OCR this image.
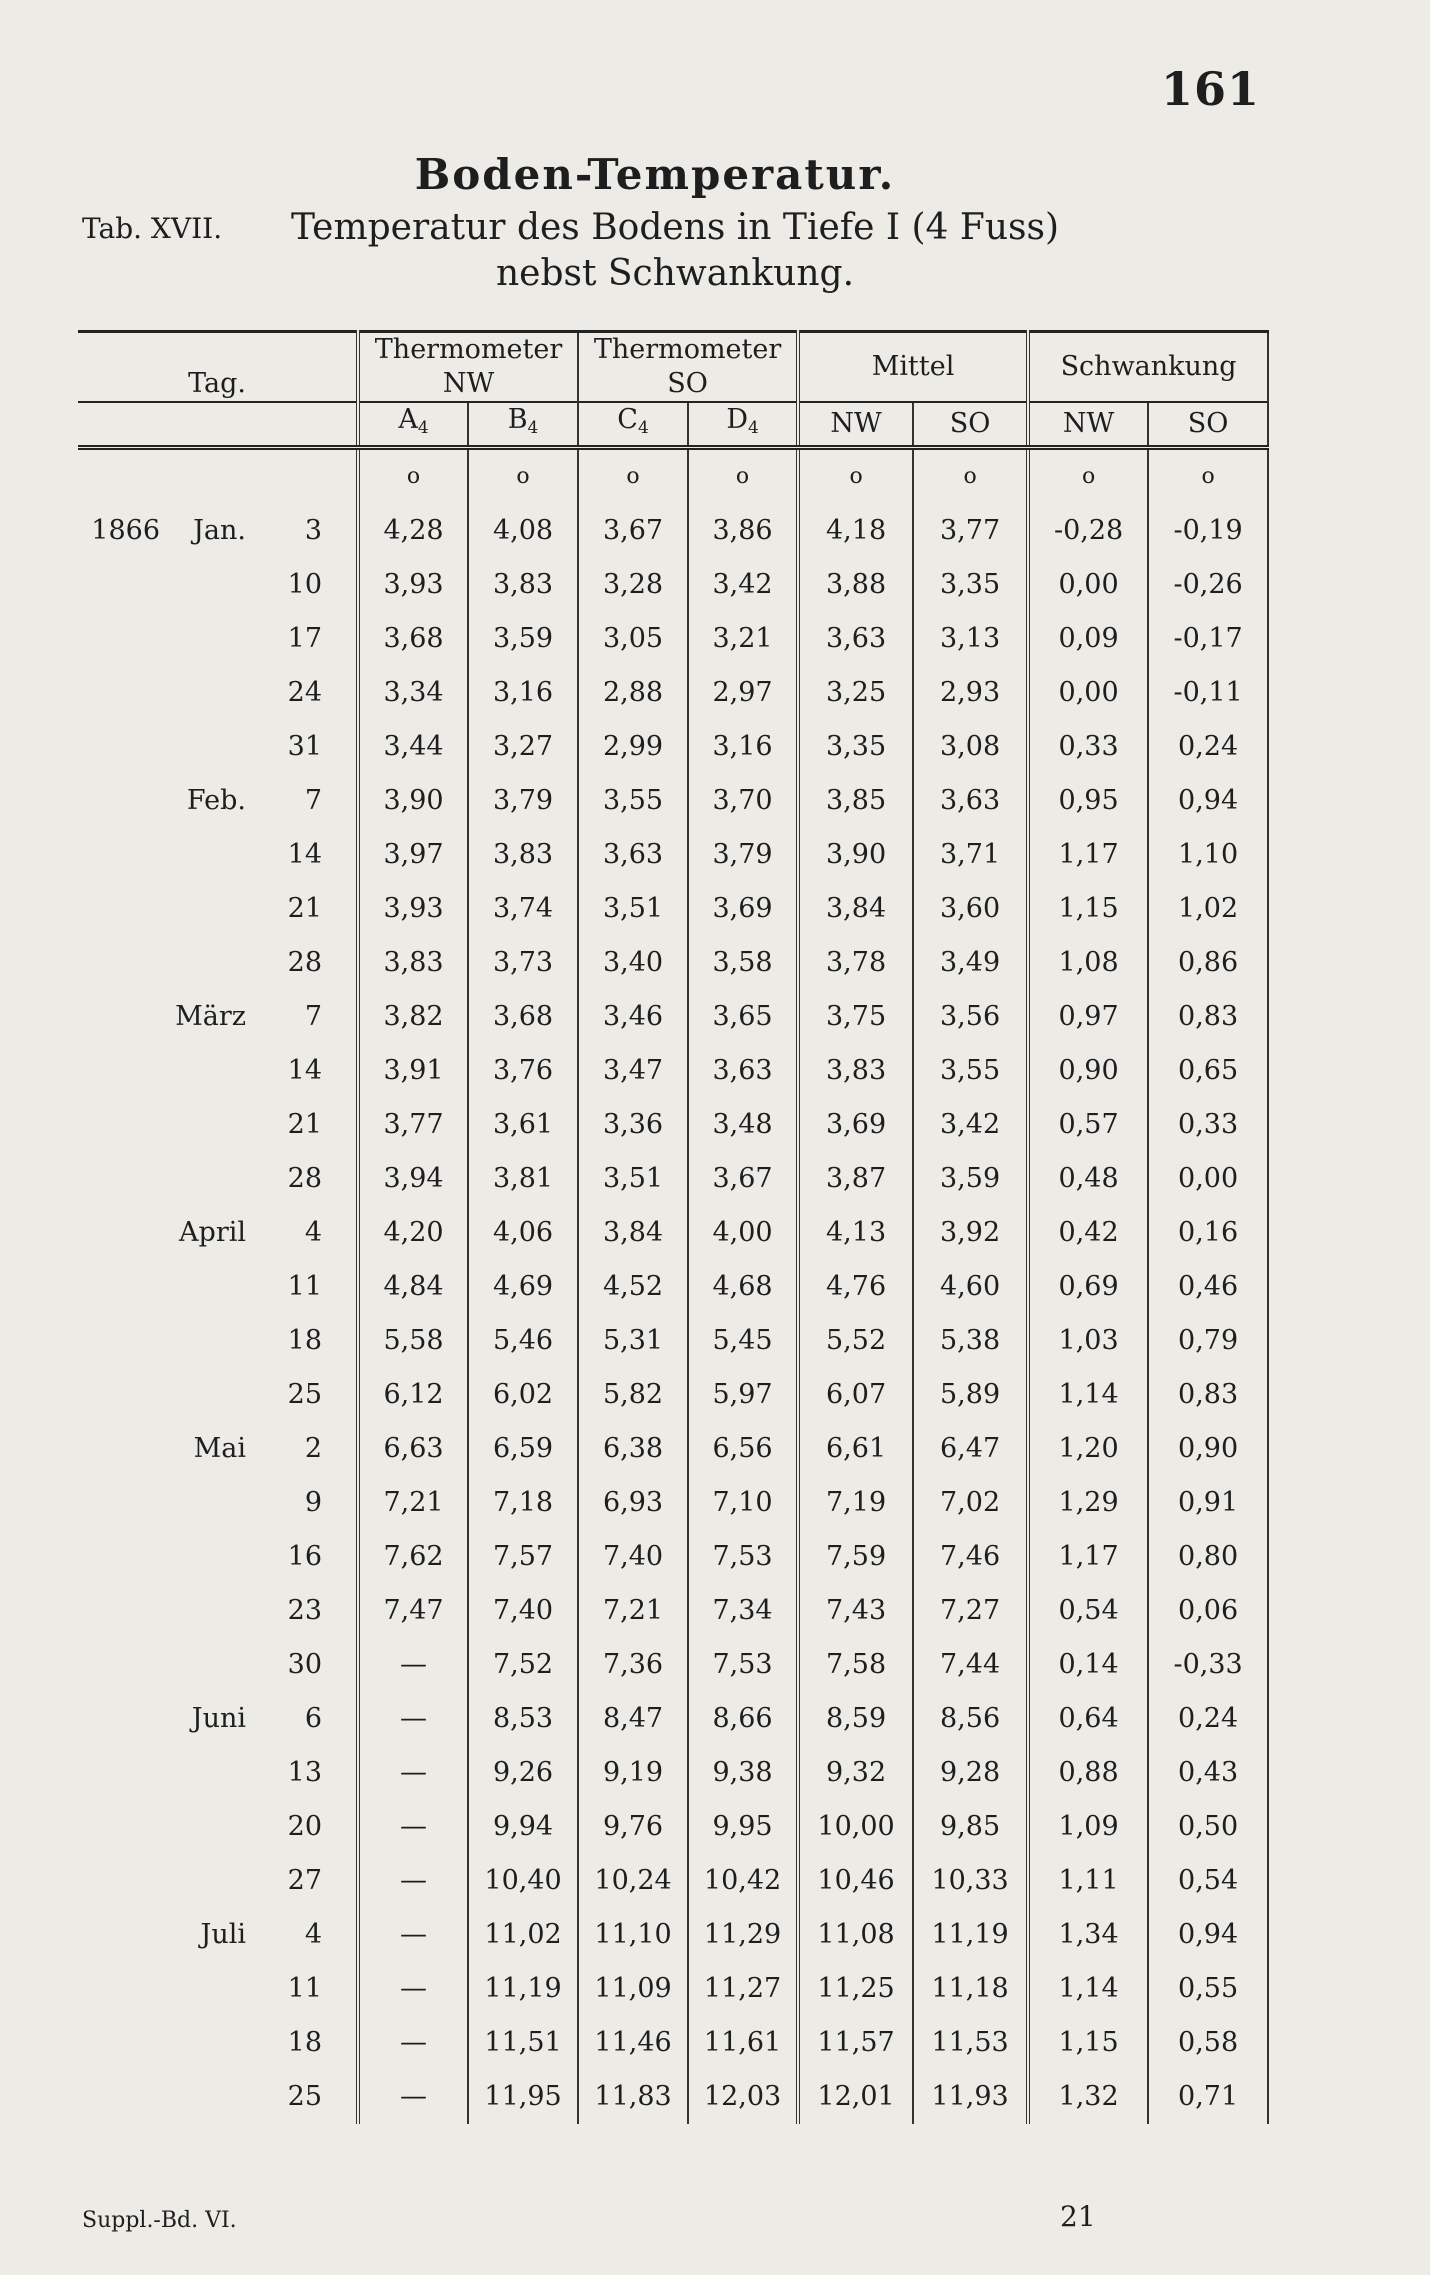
161
Boden-Temperatur.
Tab. XVII. Temperatur des Bodens in Tiefe I (4 Fuss)
nebst Schwankung.
Tag.			Thermometer NW		Thermometer SO		Mittel		Schwankung	
			$A_4$	$B_4$	$C_4$	$D_4$	NW	SO	NW	SO
			o	o	o	o	o	o	o	o
1866	Jan.	3	4,28	4,08	3,67	3,86	4,18	3,77	-0,28	-0,19
		10	3,93	3,83	3,28	3,42	3,88	3,35	0,00	-0,26
		17	3,68	3,59	3,05	3,21	3,63	3,13	0,09	-0,17
		24	3,34	3,16	2,88	2,97	3,25	2,93	0,00	-0,11
		31	3,44	3,27	2,99	3,16	3,35	3,08	0,33	0,24
	Feb.	7	3,90	3,79	3,55	3,70	3,85	3,63	0,95	0,94
		14	3,97	3,83	3,63	3,79	3,90	3,71	1,17	1,10
		21	3,93	3,74	3,51	3,69	3,84	3,60	1,15	1,02
		28	3,83	3,73	3,40	3,58	3,78	3,49	1,08	0,86
	März	7	3,82	3,68	3,46	3,65	3,75	3,56	0,97	0,83
		14	3,91	3,76	3,47	3,63	3,83	3,55	0,90	0,65
		21	3,77	3,61	3,36	3,48	3,69	3,42	0,57	0,33
		28	3,94	3,81	3,51	3,67	3,87	3,59	0,48	0,00
	April	4	4,20	4,06	3,84	4,00	4,13	3,92	0,42	0,16
		11	4,84	4,69	4,52	4,68	4,76	4,60	0,69	0,46
		18	5,58	5,46	5,31	5,45	5,52	5,38	1,03	0,79
		25	6,12	6,02	5,82	5,97	6,07	5,89	1,14	0,83
	Mai	2	6,63	6,59	6,38	6,56	6,61	6,47	1,20	0,90
		9	7,21	7,18	6,93	7,10	7,19	7,02	1,29	0,91
		16	7,62	7,57	7,40	7,53	7,59	7,46	1,17	0,80
		23	7,47	7,40	7,21	7,34	7,43	7,27	0,54	0,06
		30	—	7,52	7,36	7,53	7,58	7,44	0,14	-0,33
	Juni	6	—	8,53	8,47	8,66	8,59	8,56	0,64	0,24
		13	—	9,26	9,19	9,38	9,32	9,28	0,88	0,43
		20	—	9,94	9,76	9,95	10,00	9,85	1,09	0,50
		27	—	10,40	10,24	10,42	10,46	10,33	1,11	0,54
	Juli	4	—	11,02	11,10	11,29	11,08	11,19	1,34	0,94
		11	—	11,19	11,09	11,27	11,25	11,18	1,14	0,55
		18	—	11,51	11,46	11,61	11,57	11,53	1,15	0,58
		25	—	11,95	11,83	12,03	12,01	11,93	1,32	0,71
Suppl.-Bd. VI.	21
